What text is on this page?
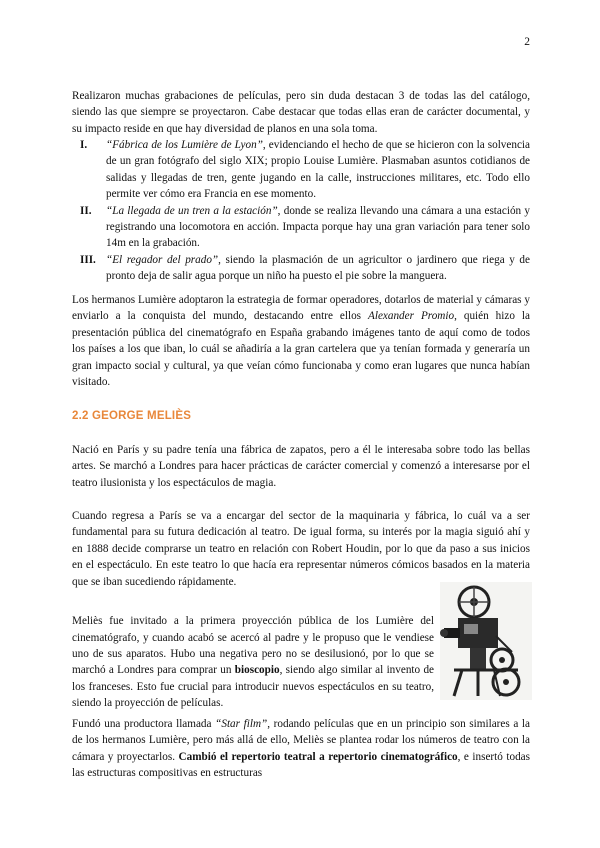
2

Realizaron muchas grabaciones de películas, pero sin duda destacan 3 de todas las del catálogo, siendo las que siempre se proyectaron. Cabe destacar que todas ellas eran de carácter documental, y su impacto reside en que hay diversidad de planos en una sola toma.

I.	“Fábrica de los Lumière de Lyon”, evidenciando el hecho de que se hicieron con la solvencia de un gran fotógrafo del siglo XIX; propio Louise Lumière. Plasmaban asuntos cotidianos de salidas y llegadas de tren, gente jugando en la calle, instrucciones militares, etc. Todo ello permite ver cómo era Francia en ese momento.
II.	“La llegada de un tren a la estación”, donde se realiza llevando una cámara a una estación y registrando una locomotora en acción. Impacta porque hay una gran variación para tener solo 14m en la grabación.
III. “El regador del prado”, siendo la plasmación de un agricultor o jardinero que riega y de pronto deja de salir agua porque un niño ha puesto el pie sobre la manguera.

Los hermanos Lumière adoptaron la estrategia de formar operadores, dotarlos de material y cámaras y enviarlo a la conquista del mundo, destacando entre ellos Alexander Promio, quién hizo la presentación pública del cinematógrafo en España grabando imágenes tanto de aquí como de todos los países a los que iban, lo cuál se añadiría a la gran cartelera que ya tenían formada y generaría un gran impacto social y cultural, ya que veían cómo funcionaba y como eran lugares que nunca habían visitado.

2.2 GEORGE MELIÈS

Nació en París y su padre tenía una fábrica de zapatos, pero a él le interesaba sobre todo las bellas artes. Se marchó a Londres para hacer prácticas de carácter comercial y comenzó a interesarse por el teatro ilusionista y los espectáculos de magia.

Cuando regresa a París se va a encargar del sector de la maquinaria y fábrica, lo cuál va a ser fundamental para su futura dedicación al teatro. De igual forma, su interés por la magia siguió ahí y en 1888 decide comprarse un teatro en relación con Robert Houdin, por lo que da paso a sus inicios en el espectáculo. En este teatro lo que hacía era representar números cómicos basados en la materia que se iban sucediendo rápidamente.

Meliès fue invitado a la primera proyección pública de los Lumière del cinematógrafo, y cuando acabó se acercó al padre y le propuso que le vendiese uno de sus aparatos. Hubo una negativa pero no se desilusionó, por lo que se marchó a Londres para comprar un bioscopio, siendo algo similar al invento de los franceses. Esto fue crucial para introducir nuevos espectáculos en su teatro, siendo la proyección de películas.

Fundó una productora llamada “Star film”, rodando películas que en un principio son similares a la de los hermanos Lumière, pero más allá de ello, Meliès se plantea rodar los números de teatro con la cámara y proyectarlos. Cambió el repertorio teatral a repertorio cinematográfico, e insertó todas las estructuras compositivas en estructuras
